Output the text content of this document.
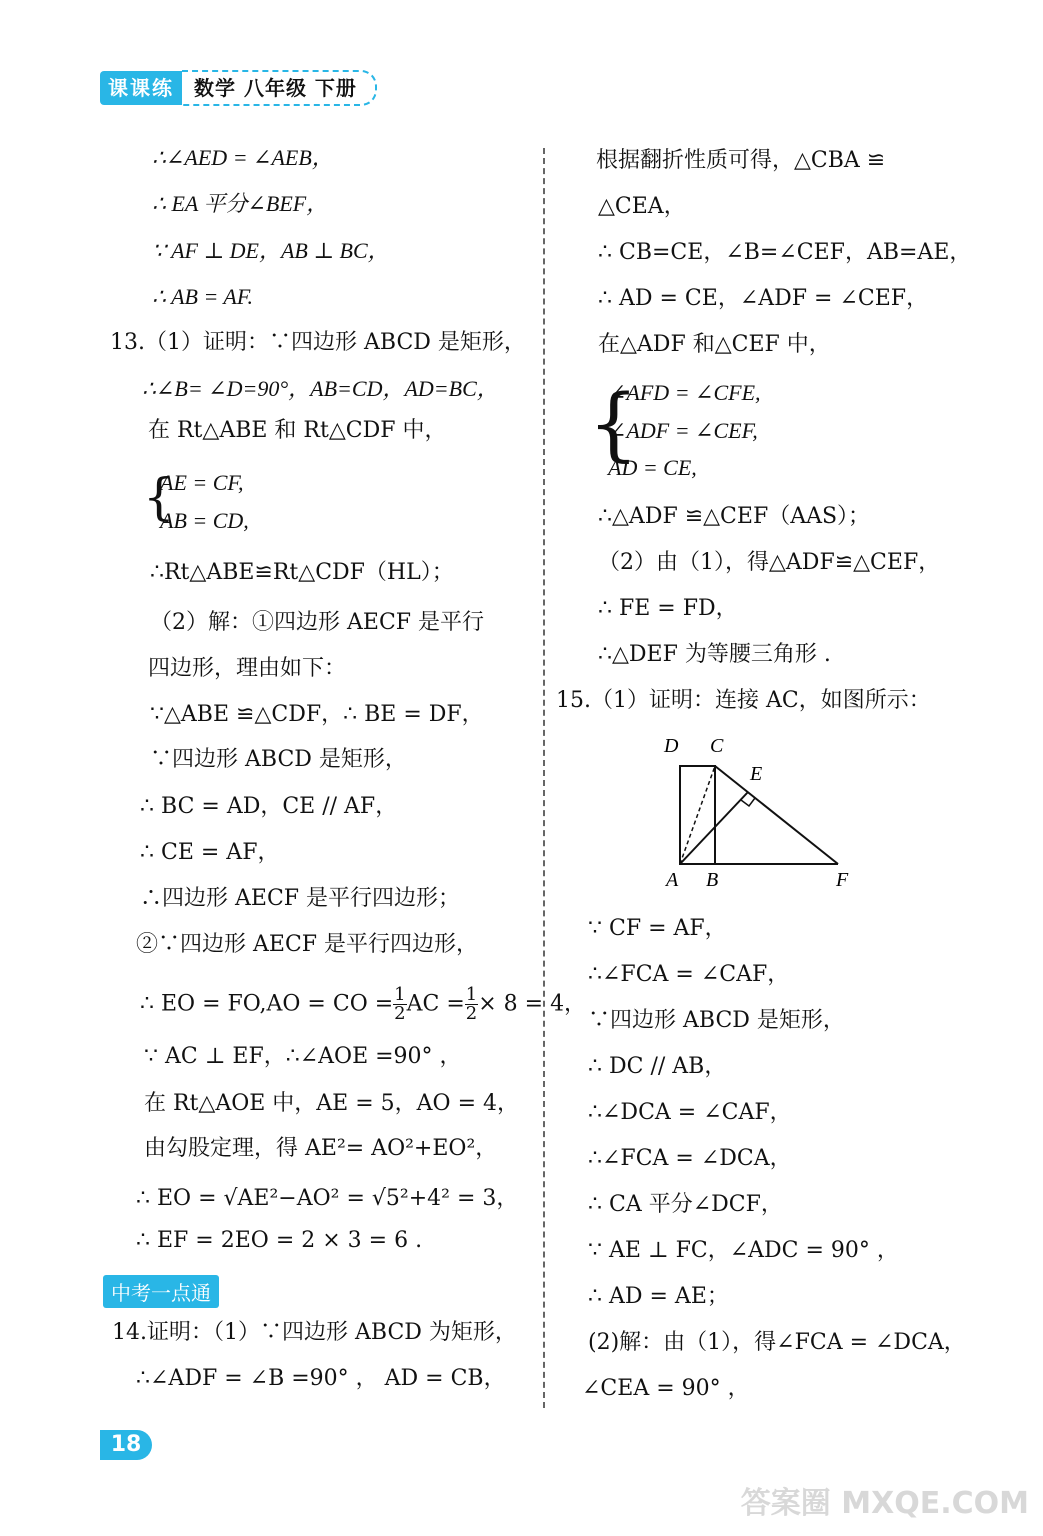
课课练	数学 八年级 下册
∴∠AED = ∠AEB，
∴ EA 平分∠BEF，
∵ AF ⊥ DE，AB ⊥ BC，
∴ AB = AF.
13.（1）证明：∵四边形 ABCD 是矩形，
∴∠B= ∠D=90°，AB=CD，AD=BC，
在 Rt△ABE 和 Rt△CDF 中，
{
AE = CF,
AB = CD,
∴Rt△ABE≌Rt△CDF（HL）；
（2）解：①四边形 AECF 是平行
四边形，理由如下：
∵△ABE ≌△CDF，∴ BE = DF，
∵四边形 ABCD 是矩形，
∴ BC = AD，CE // AF，
∴ CE = AF，
∴四边形 AECF 是平行四边形；
②∵四边形 AECF 是平行四边形，
∴ EO = FO,AO = CO = $\frac{1}{2}$ AC = $\frac{1}{2} \times 8 = 4$，
∵ AC ⊥ EF，∴∠AOE =90° ，
在 Rt△AOE 中，AE = 5，AO = 4，
由勾股定理，得 AE²= AO²+EO²，
∴ EO = √AE²−AO² = √5²+4² = 3，
∴ EF = 2EO = 2 × 3 = 6 .
14.证明：（1）∵四边形 ABCD 为矩形，
∴∠ADF = ∠B =90° ， AD = CB，
中考一点通
根据翻折性质可得，△CBA ≌
△CEA，
∴ CB=CE，∠B=∠CEF，AB=AE，
∴ AD = CE，∠ADF = ∠CEF，
在△ADF 和△CEF 中，
{
∠AFD = ∠CFE,
∠ADF = ∠CEF,
AD = CE,
∴△ADF ≌△CEF（AAS）；
（2）由（1），得△ADF≌△CEF，
∴ FE = FD，
∴△DEF 为等腰三角形 .
15.（1）证明：连接 AC，如图所示：
D C
E
A B	F
∵ CF = AF，
∴∠FCA = ∠CAF，
∵四边形 ABCD 是矩形，
∴ DC // AB，
∴∠DCA = ∠CAF，
∴∠FCA = ∠DCA，
∴ CA 平分∠DCF，
∵ AE ⊥ FC，∠ADC = 90° ，
∴ AD = AE；
(2)解：由（1），得∠FCA = ∠DCA，
∠CEA = 90° ，
18
答案圈 MXQE.COM
